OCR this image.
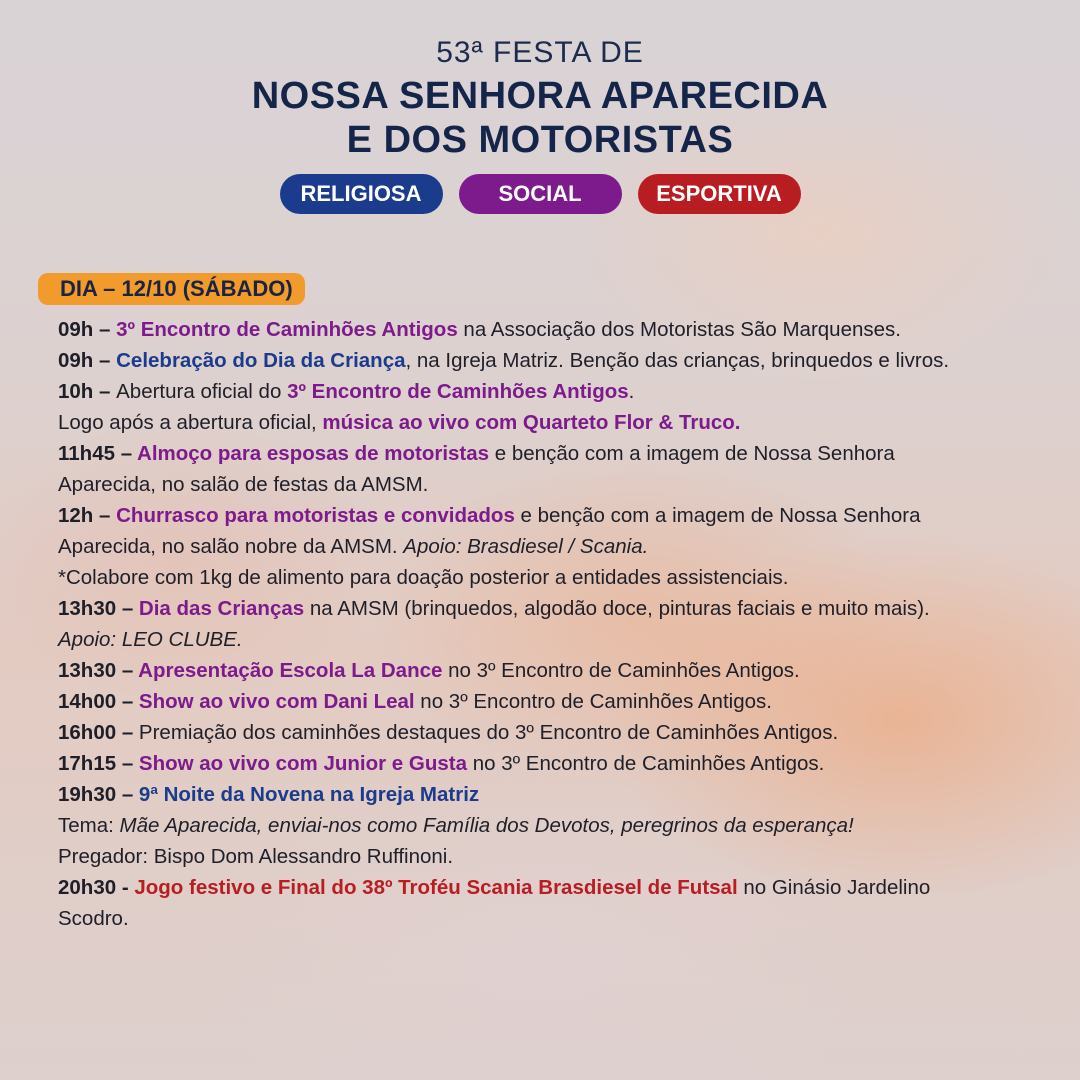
53ª FESTA DE
NOSSA SENHORA APARECIDA
E DOS MOTORISTAS
RELIGIOSA	SOCIAL	ESPORTIVA
DIA – 12/10 (SÁBADO)
09h – 3º Encontro de Caminhões Antigos na Associação dos Motoristas São Marquenses.
09h – Celebração do Dia da Criança, na Igreja Matriz. Benção das crianças, brinquedos e livros.
10h – Abertura oficial do 3º Encontro de Caminhões Antigos.
Logo após a abertura oficial, música ao vivo com Quarteto Flor & Truco.
11h45 – Almoço para esposas de motoristas e benção com a imagem de Nossa Senhora
Aparecida, no salão de festas da AMSM.
12h – Churrasco para motoristas e convidados e benção com a imagem de Nossa Senhora
Aparecida, no salão nobre da AMSM. Apoio: Brasdiesel / Scania.
*Colabore com 1kg de alimento para doação posterior a entidades assistenciais.
13h30 – Dia das Crianças na AMSM (brinquedos, algodão doce, pinturas faciais e muito mais).
Apoio: LEO CLUBE.
13h30 – Apresentação Escola La Dance no 3º Encontro de Caminhões Antigos.
14h00 – Show ao vivo com Dani Leal no 3º Encontro de Caminhões Antigos.
16h00 – Premiação dos caminhões destaques do 3º Encontro de Caminhões Antigos.
17h15 – Show ao vivo com Junior e Gusta no 3º Encontro de Caminhões Antigos.
19h30 – 9ª Noite da Novena na Igreja Matriz
Tema: Mãe Aparecida, enviai-nos como Família dos Devotos, peregrinos da esperança!
Pregador: Bispo Dom Alessandro Ruffinoni.
20h30 - Jogo festivo e Final do 38º Troféu Scania Brasdiesel de Futsal no Ginásio Jardelino
Scodro.
